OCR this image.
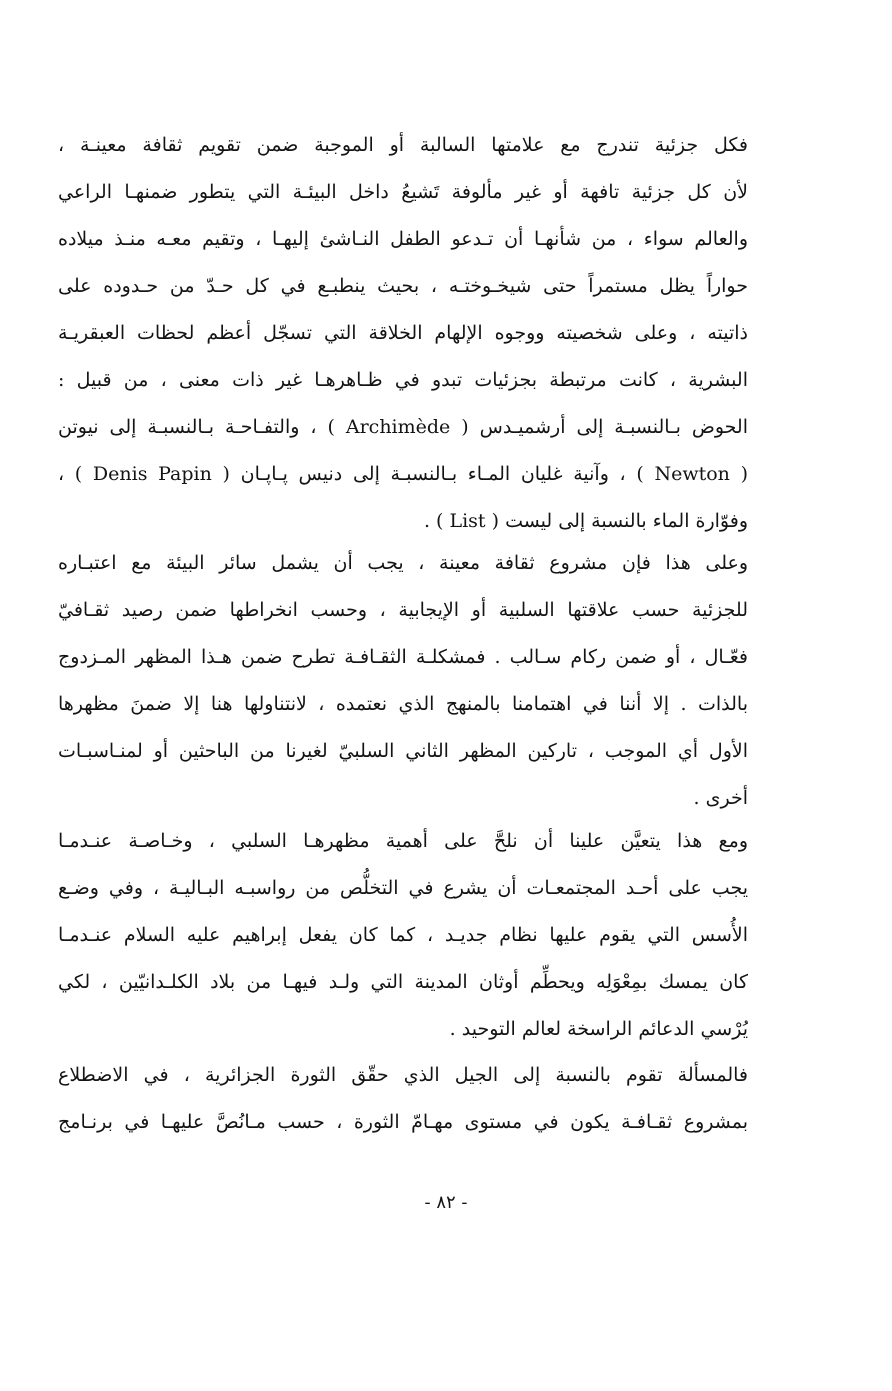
فكل جزئية تندرج مع علامتها السالبة أو الموجبة ضمن تقويم ثقافة معينـة ،
لأن كل جزئية تافهة أو غير مألوفة تَشيعُ داخل البيئـة التي يتطور ضمنهـا الراعي
والعالم سواء ، من شأنهـا أن تـدعو الطفل النـاشئ إليهـا ، وتقيم معـه منـذ ميلاده
حواراً يظل مستمراً حتى شيخـوختـه ، بحيث ينطبـع في كل حـدّ من حـدوده على
ذاتيته ، وعلى شخصيته ووجوه الإلهام الخلاقة التي تسجّل أعظم لحظات العبقريـة
البشرية ، كانت مرتبطة بجزئيات تبدو في ظـاهرهـا غير ذات معنى ، من قبيل :
الحوض بـالنسبـة إلى أرشميـدس ( Archimède ) ، والتفـاحـة بـالنسبـة إلى نيوتن
( Newton ) ، وآنية غليان المـاء بـالنسبـة إلى دنيس پـاپـان ( Denis Papin ) ،
وفوّارة الماء بالنسبة إلى ليست ( List ) .
وعلى هذا فإن مشروع ثقافة معينة ، يجب أن يشمل سائر البيئة مع اعتبـاره
للجزئية حسب علاقتها السلبية أو الإيجابية ، وحسب انخراطها ضمن رصيد ثقـافيّ
فعّـال ، أو ضمن ركام سـالب . فمشكلـة الثقـافـة تطرح ضمن هـذا المظهر المـزدوج
بالذات . إلا أننا في اهتمامنا بالمنهج الذي نعتمده ، لانتناولها هنا إلا ضمنَ مظهرها
الأول أي الموجب ، تاركين المظهر الثاني السلبيّ لغيرنا من الباحثين أو لمنـاسبـات
أخرى .
ومع هذا يتعيَّن علينا أن نلحَّ على أهمية مظهرهـا السلبي ، وخـاصـة عنـدمـا
يجب على أحـد المجتمعـات أن يشرع في التخلُّص من رواسبـه البـاليـة ، وفي وضـع
الأُسس التي يقوم عليها نظام جديـد ، كما كان يفعل إبراهيم عليه السلام عنـدمـا
كان يمسك بمِعْوَلِه ويحطِّم أوثان المدينة التي ولـد فيهـا من بلاد الكلـدانيّين ، لكي
يُرْسي الدعائم الراسخة لعالم التوحيد .
فالمسألة تقوم بالنسبة إلى الجيل الذي حقّق الثورة الجزائرية ، في الاضطلاع
بمشروع ثقـافـة يكون في مستوى مهـامّ الثورة ، حسب مـانُصَّ عليهـا في برنـامج
- ٨٢ -
